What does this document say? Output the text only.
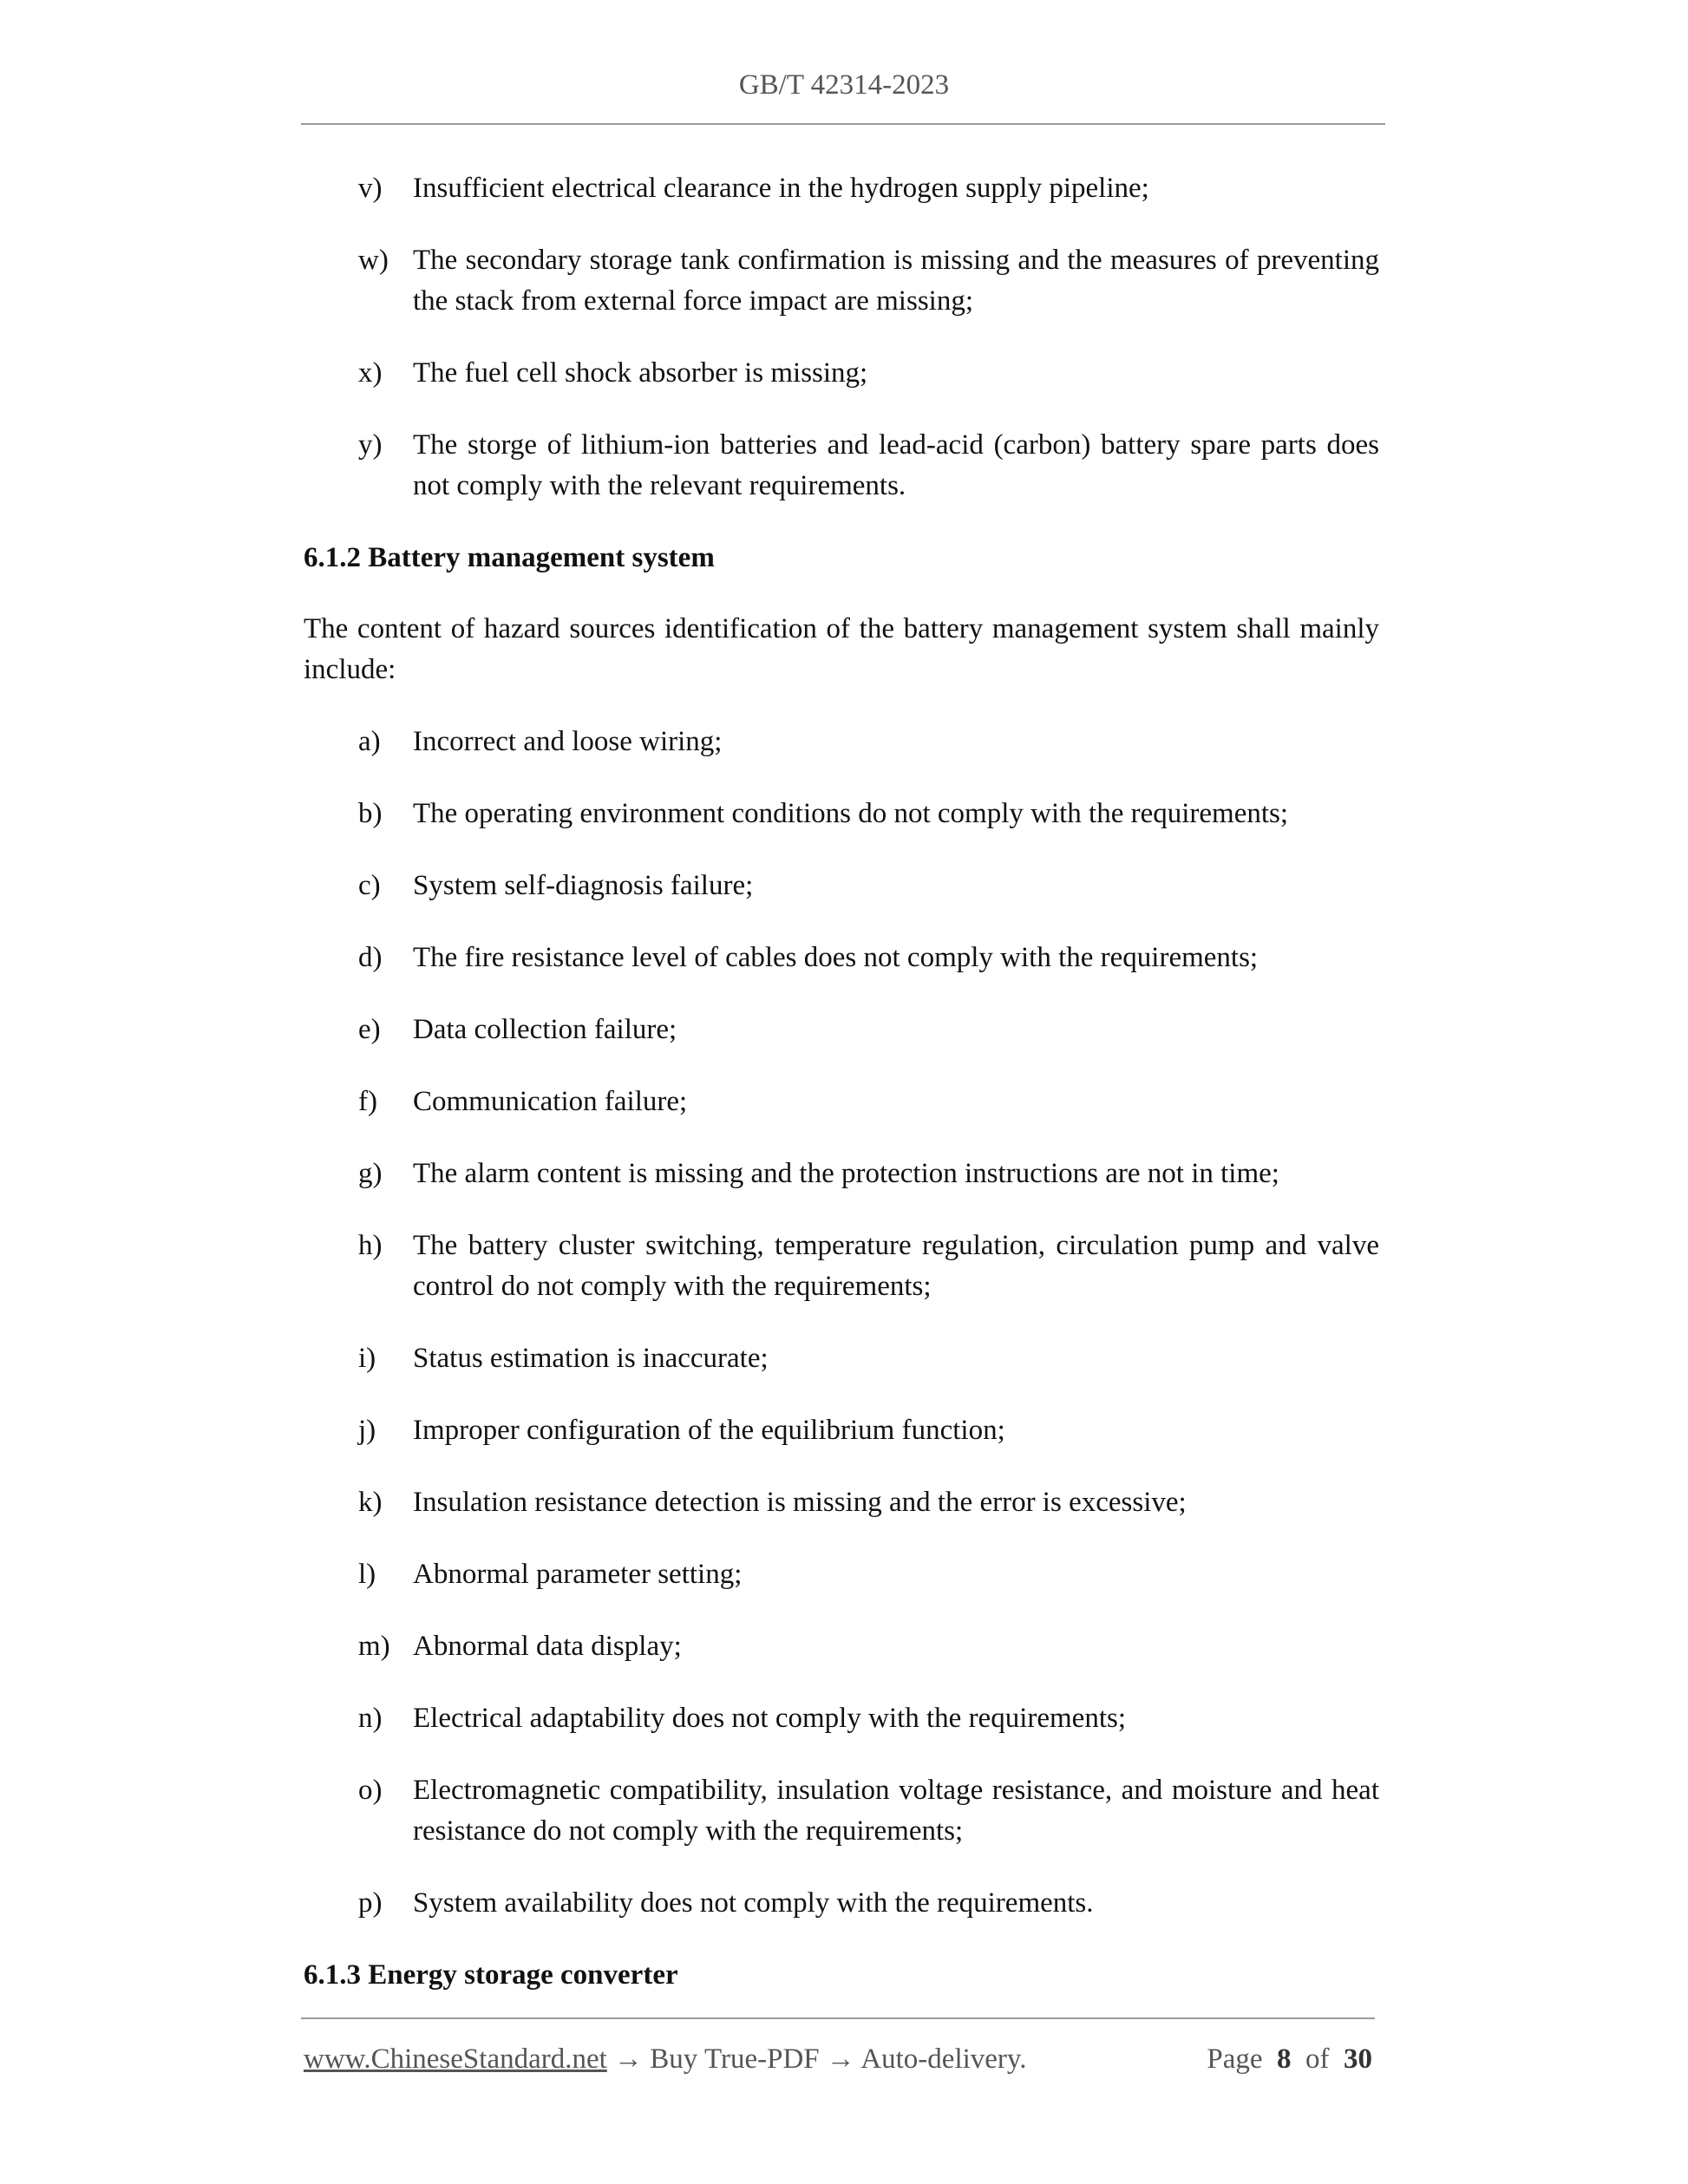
GB/T 42314-2023
v) Insufficient electrical clearance in the hydrogen supply pipeline;
w) The secondary storage tank confirmation is missing and the measures of preventing the stack from external force impact are missing;
x) The fuel cell shock absorber is missing;
y) The storge of lithium-ion batteries and lead-acid (carbon) battery spare parts does not comply with the relevant requirements.
6.1.2 Battery management system
The content of hazard sources identification of the battery management system shall mainly include:
a) Incorrect and loose wiring;
b) The operating environment conditions do not comply with the requirements;
c) System self-diagnosis failure;
d) The fire resistance level of cables does not comply with the requirements;
e) Data collection failure;
f) Communication failure;
g) The alarm content is missing and the protection instructions are not in time;
h) The battery cluster switching, temperature regulation, circulation pump and valve control do not comply with the requirements;
i) Status estimation is inaccurate;
j) Improper configuration of the equilibrium function;
k) Insulation resistance detection is missing and the error is excessive;
l) Abnormal parameter setting;
m) Abnormal data display;
n) Electrical adaptability does not comply with the requirements;
o) Electromagnetic compatibility, insulation voltage resistance, and moisture and heat resistance do not comply with the requirements;
p) System availability does not comply with the requirements.
6.1.3 Energy storage converter
www.ChineseStandard.net → Buy True-PDF → Auto-delivery.	Page 8 of 30
